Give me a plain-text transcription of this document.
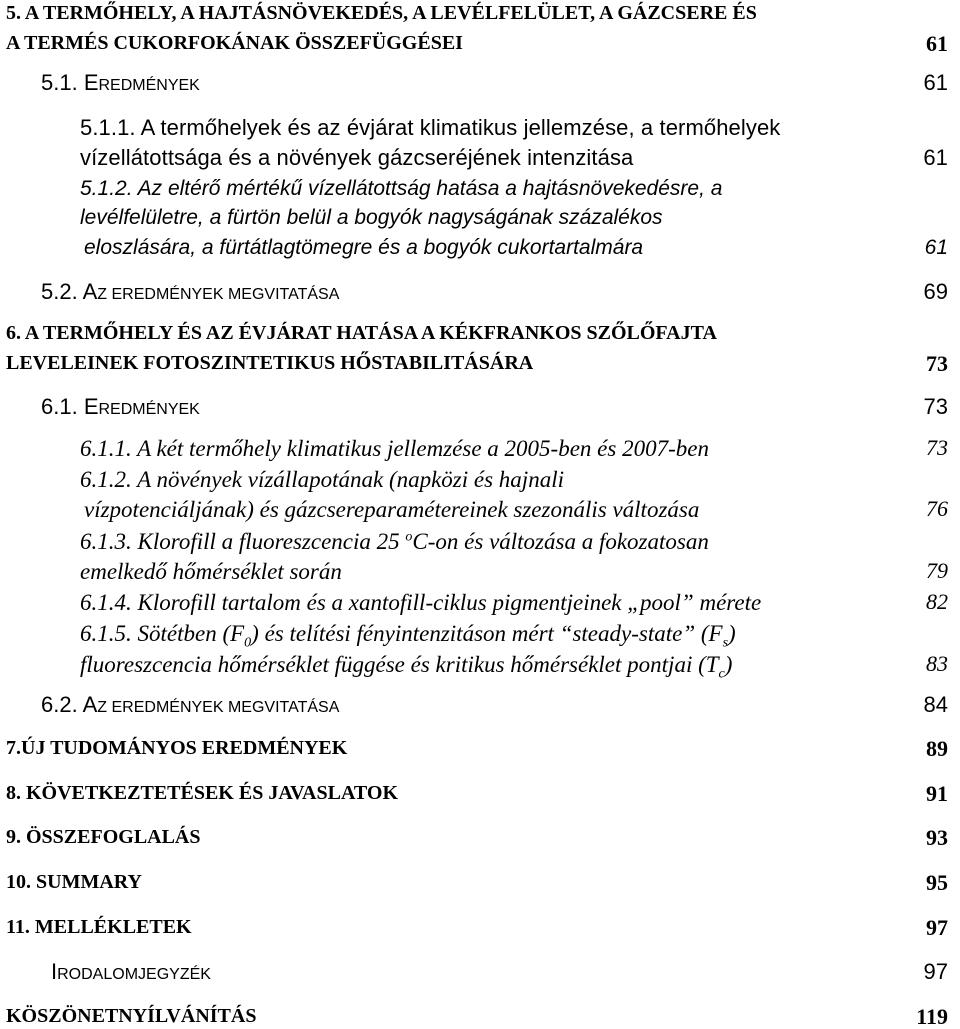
5. A TERMŐHELY, A HAJTÁSNÖVEKEDÉS, A LEVÉLFELÜLET, A GÁZCSERE ÉS
A TERMÉS CUKORFOKÁNAK ÖSSZEFÜGGÉSEI	61
5.1. EREDMÉNYEK	61
5.1.1. A termőhelyek és az évjárat klimatikus jellemzése, a termőhelyek
vízellátottsága és a növények gázcseréjének intenzitása	61
5.1.2. Az eltérő mértékű vízellátottság hatása a hajtásnövekedésre, a
levélfelületre, a fürtön belül a bogyók nagyságának százalékos
eloszlására, a fürtátlagtömegre és a bogyók cukortartalmára	61
5.2. AZ EREDMÉNYEK MEGVITATÁSA	69
6. A TERMŐHELY ÉS AZ ÉVJÁRAT HATÁSA A KÉKFRANKOS SZŐLŐFAJTA
LEVELEINEK FOTOSZINTETIKUS HŐSTABILITÁSÁRA	73
6.1. EREDMÉNYEK	73
6.1.1. A két termőhely klimatikus jellemzése a 2005-ben és 2007-ben	73
6.1.2. A növények vízállapotának (napközi és hajnali
vízpotenciáljának) és gázcsereparamétereinek szezonális változása	76
6.1.3. Klorofill a fluoreszcencia 25 $^o$C-on és változása a fokozatosan
emelkedő hőmérséklet során	79
6.1.4. Klorofill tartalom és a xantofill-ciklus pigmentjeinek „pool” mérete	82
6.1.5. Sötétben $(F_0)$ és telítési fényintenzitáson mért “steady-state” $(F_s)$
fluoreszcencia hőmérséklet függése és kritikus hőmérséklet pontjai $(T_c)$	83
6.2. AZ EREDMÉNYEK MEGVITATÁSA	84
7.ÚJ TUDOMÁNYOS EREDMÉNYEK	89
8. KÖVETKEZTETÉSEK ÉS JAVASLATOK	91
9. ÖSSZEFOGLALÁS	93
10. SUMMARY	95
11. MELLÉKLETEK	97
IRODALOMJEGYZÉK	97
KÖSZÖNETNYÍLVÁNÍTÁS	119
